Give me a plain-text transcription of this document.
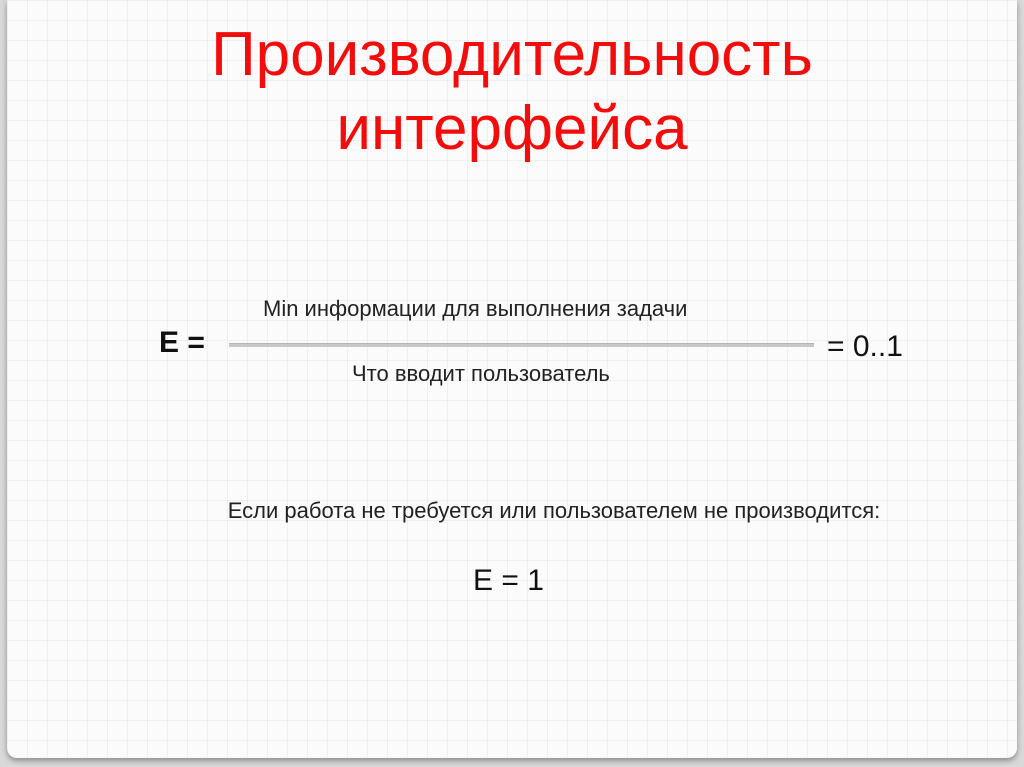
Производительность
интерфейса
E =
Min информации для выполнения задачи
Что вводит пользователь
= 0..1
Если работа не требуется или пользователем не производится:
E = 1
